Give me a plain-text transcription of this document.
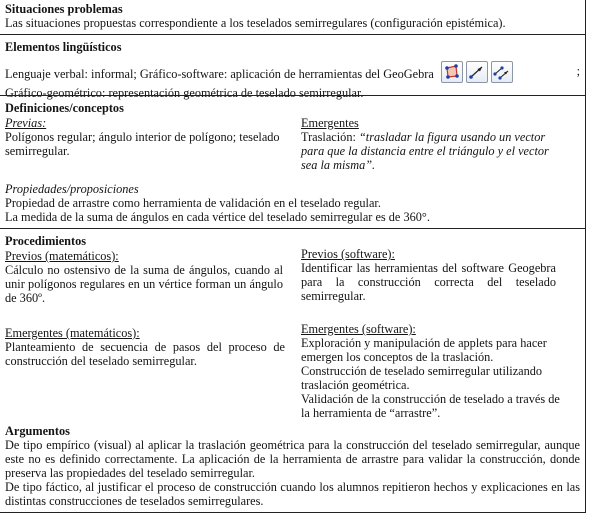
Situaciones problemas
Las situaciones propuestas correspondiente a los teselados semirregulares (configuración epistémica).
Elementos lingüísticos
Lenguaje verbal: informal; Gráfico-software: aplicación de herramientas del GeoGebra	;
Gráfico-geométrico: representación geométrica de teselado semirregular.
Definiciones/conceptos
Previas:
Polígonos regular; ángulo interior de polígono; teselado semirregular.
Emergentes
Traslación: “trasladar la figura usando un vector para que la distancia entre el triángulo y el vector sea la misma”.
Propiedades/proposiciones
Propiedad de arrastre como herramienta de validación en el teselado regular.
La medida de la suma de ángulos en cada vértice del teselado semirregular es de 360°.
Procedimientos
Previos (matemáticos):
Cálculo no ostensivo de la suma de ángulos, cuando al unir polígonos regulares en un vértice forman un ángulo de 360º.
Previos (software):
Identificar las herramientas del software Geogebra para la construcción correcta del teselado semirregular.
Emergentes (matemáticos):
Planteamiento de secuencia de pasos del proceso de construcción del teselado semirregular.
Emergentes (software):
Exploración y manipulación de applets para hacer emergen los conceptos de la traslación.
Construcción de teselado semirregular utilizando traslación geométrica.
Validación de la construcción de teselado a través de la herramienta de “arrastre”.
Argumentos
De tipo empírico (visual) al aplicar la traslación geométrica para la construcción del teselado semirregular, aunque este no es definido correctamente. La aplicación de la herramienta de arrastre para validar la construcción, donde preserva las propiedades del teselado semirregular.
De tipo fáctico, al justificar el proceso de construcción cuando los alumnos repitieron hechos y explicaciones en las distintas construcciones de teselados semirregulares.
